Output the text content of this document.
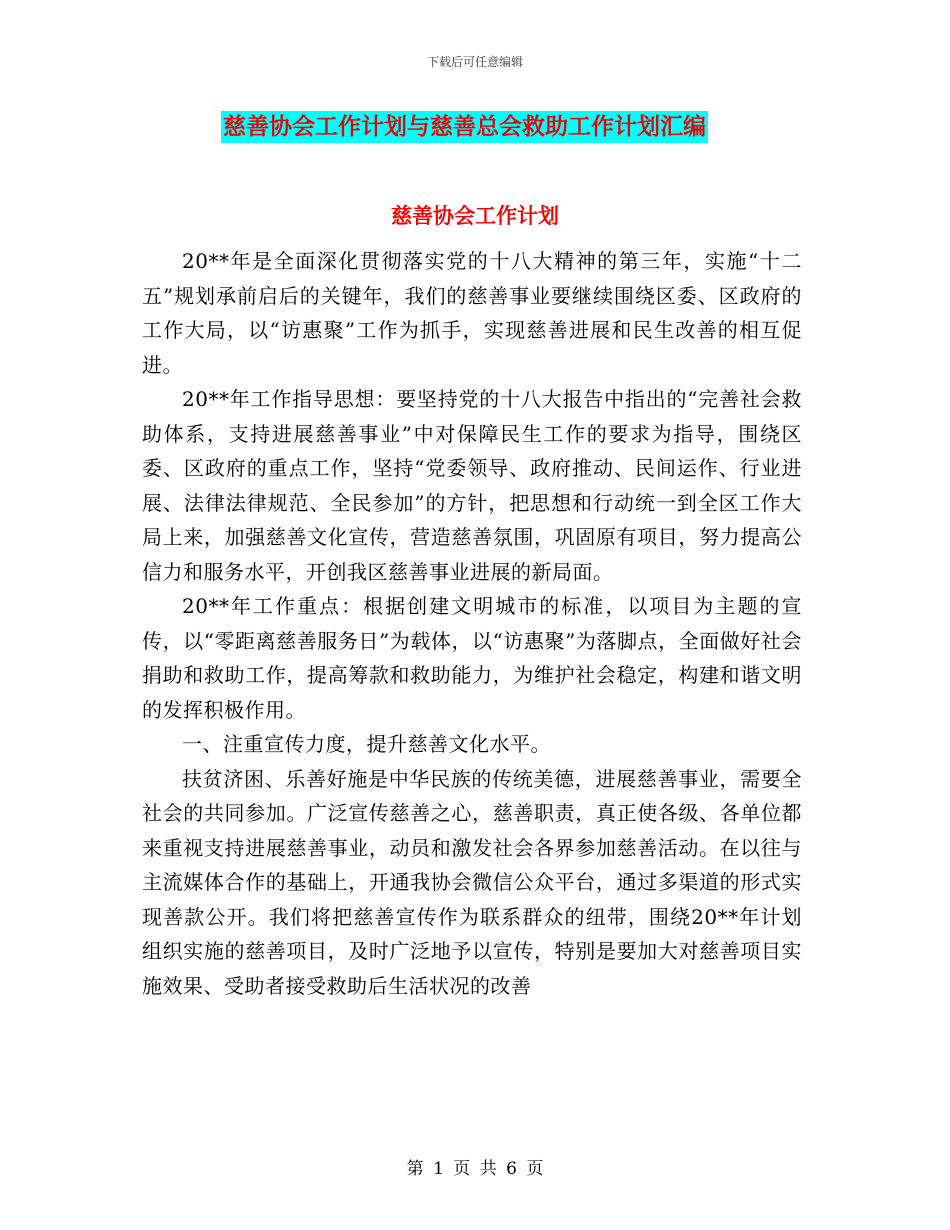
下载后可任意编辑
慈善协会工作计划与慈善总会救助工作计划汇编
慈善协会工作计划

20**年是全面深化贯彻落实党的十八大精神的第三年，实施“十二五”规划承前启后的关键年，我们的慈善事业要继续围绕区委、区政府的工作大局，以“访惠聚”工作为抓手，实现慈善进展和民生改善的相互促进。

20**年工作指导思想：要坚持党的十八大报告中指出的“完善社会救助体系，支持进展慈善事业”中对保障民生工作的要求为指导，围绕区委、区政府的重点工作，坚持“党委领导、政府推动、民间运作、行业进展、法律法律规范、全民参加”的方针，把思想和行动统一到全区工作大局上来，加强慈善文化宣传，营造慈善氛围，巩固原有项目，努力提高公信力和服务水平，开创我区慈善事业进展的新局面。

20**年工作重点：根据创建文明城市的标准，以项目为主题的宣传，以“零距离慈善服务日”为载体，以“访惠聚”为落脚点，全面做好社会捐助和救助工作，提高筹款和救助能力，为维护社会稳定，构建和谐文明的发挥积极作用。

一、注重宣传力度，提升慈善文化水平。

扶贫济困、乐善好施是中华民族的传统美德，进展慈善事业，需要全社会的共同参加。广泛宣传慈善之心，慈善职责，真正使各级、各单位都来重视支持进展慈善事业，动员和激发社会各界参加慈善活动。在以往与主流媒体合作的基础上，开通我协会微信公众平台，通过多渠道的形式实现善款公开。我们将把慈善宣传作为联系群众的纽带，围绕20**年计划组织实施的慈善项目，及时广泛地予以宣传，特别是要加大对慈善项目实施效果、受助者接受救助后生活状况的改善

第 1 页 共 6 页
